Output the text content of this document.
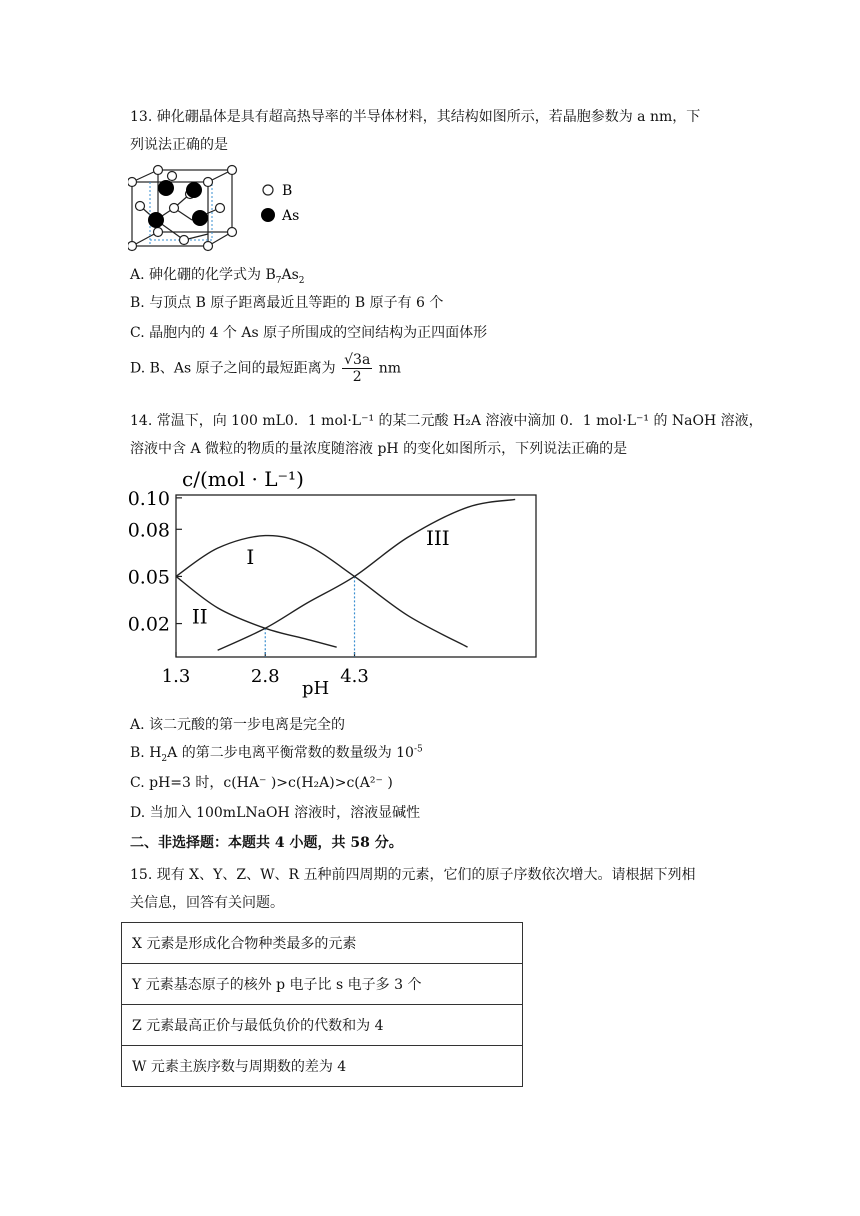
13. 砷化硼晶体是具有超高热导率的半导体材料，其结构如图所示，若晶胞参数为 a nm，下
列说法正确的是
B
As
A. 砷化硼的化学式为 $B_7As_2$
B. 与顶点 B 原子距离最近且等距的 B 原子有 6 个
C. 晶胞内的 4 个 As 原子所围成的空间结构为正四面体形
D. B、As 原子之间的最短距离为 $\frac{√3a}{2}$ nm
14. 常温下，向 100 mL0．1 mol·L⁻¹ 的某二元酸 H₂A 溶液中滴加 0．1 mol·L⁻¹ 的 NaOH 溶液，
溶液中含 A 微粒的物质的量浓度随溶液 pH 的变化如图所示，下列说法正确的是
0.10
0.08
0.05
0.02
1.3	2.8	4.3
I
II
III
c/(mol · L⁻¹)
pH
A. 该二元酸的第一步电离是完全的
B. $H_2A$ 的第二步电离平衡常数的数量级为 $10^{-5}$
C. pH=3 时，c(HA⁻ )>c(H₂A)>c(A²⁻ )
D. 当加入 100mLNaOH 溶液时，溶液显碱性
二、非选择题：本题共 4 小题，共 58 分。
15. 现有 X、Y、Z、W、R 五种前四周期的元素，它们的原子序数依次增大。请根据下列相
关信息，回答有关问题。
X 元素是形成化合物种类最多的元素
Y 元素基态原子的核外 p 电子比 s 电子多 3 个
Z 元素最高正价与最低负价的代数和为 4
W 元素主族序数与周期数的差为 4
